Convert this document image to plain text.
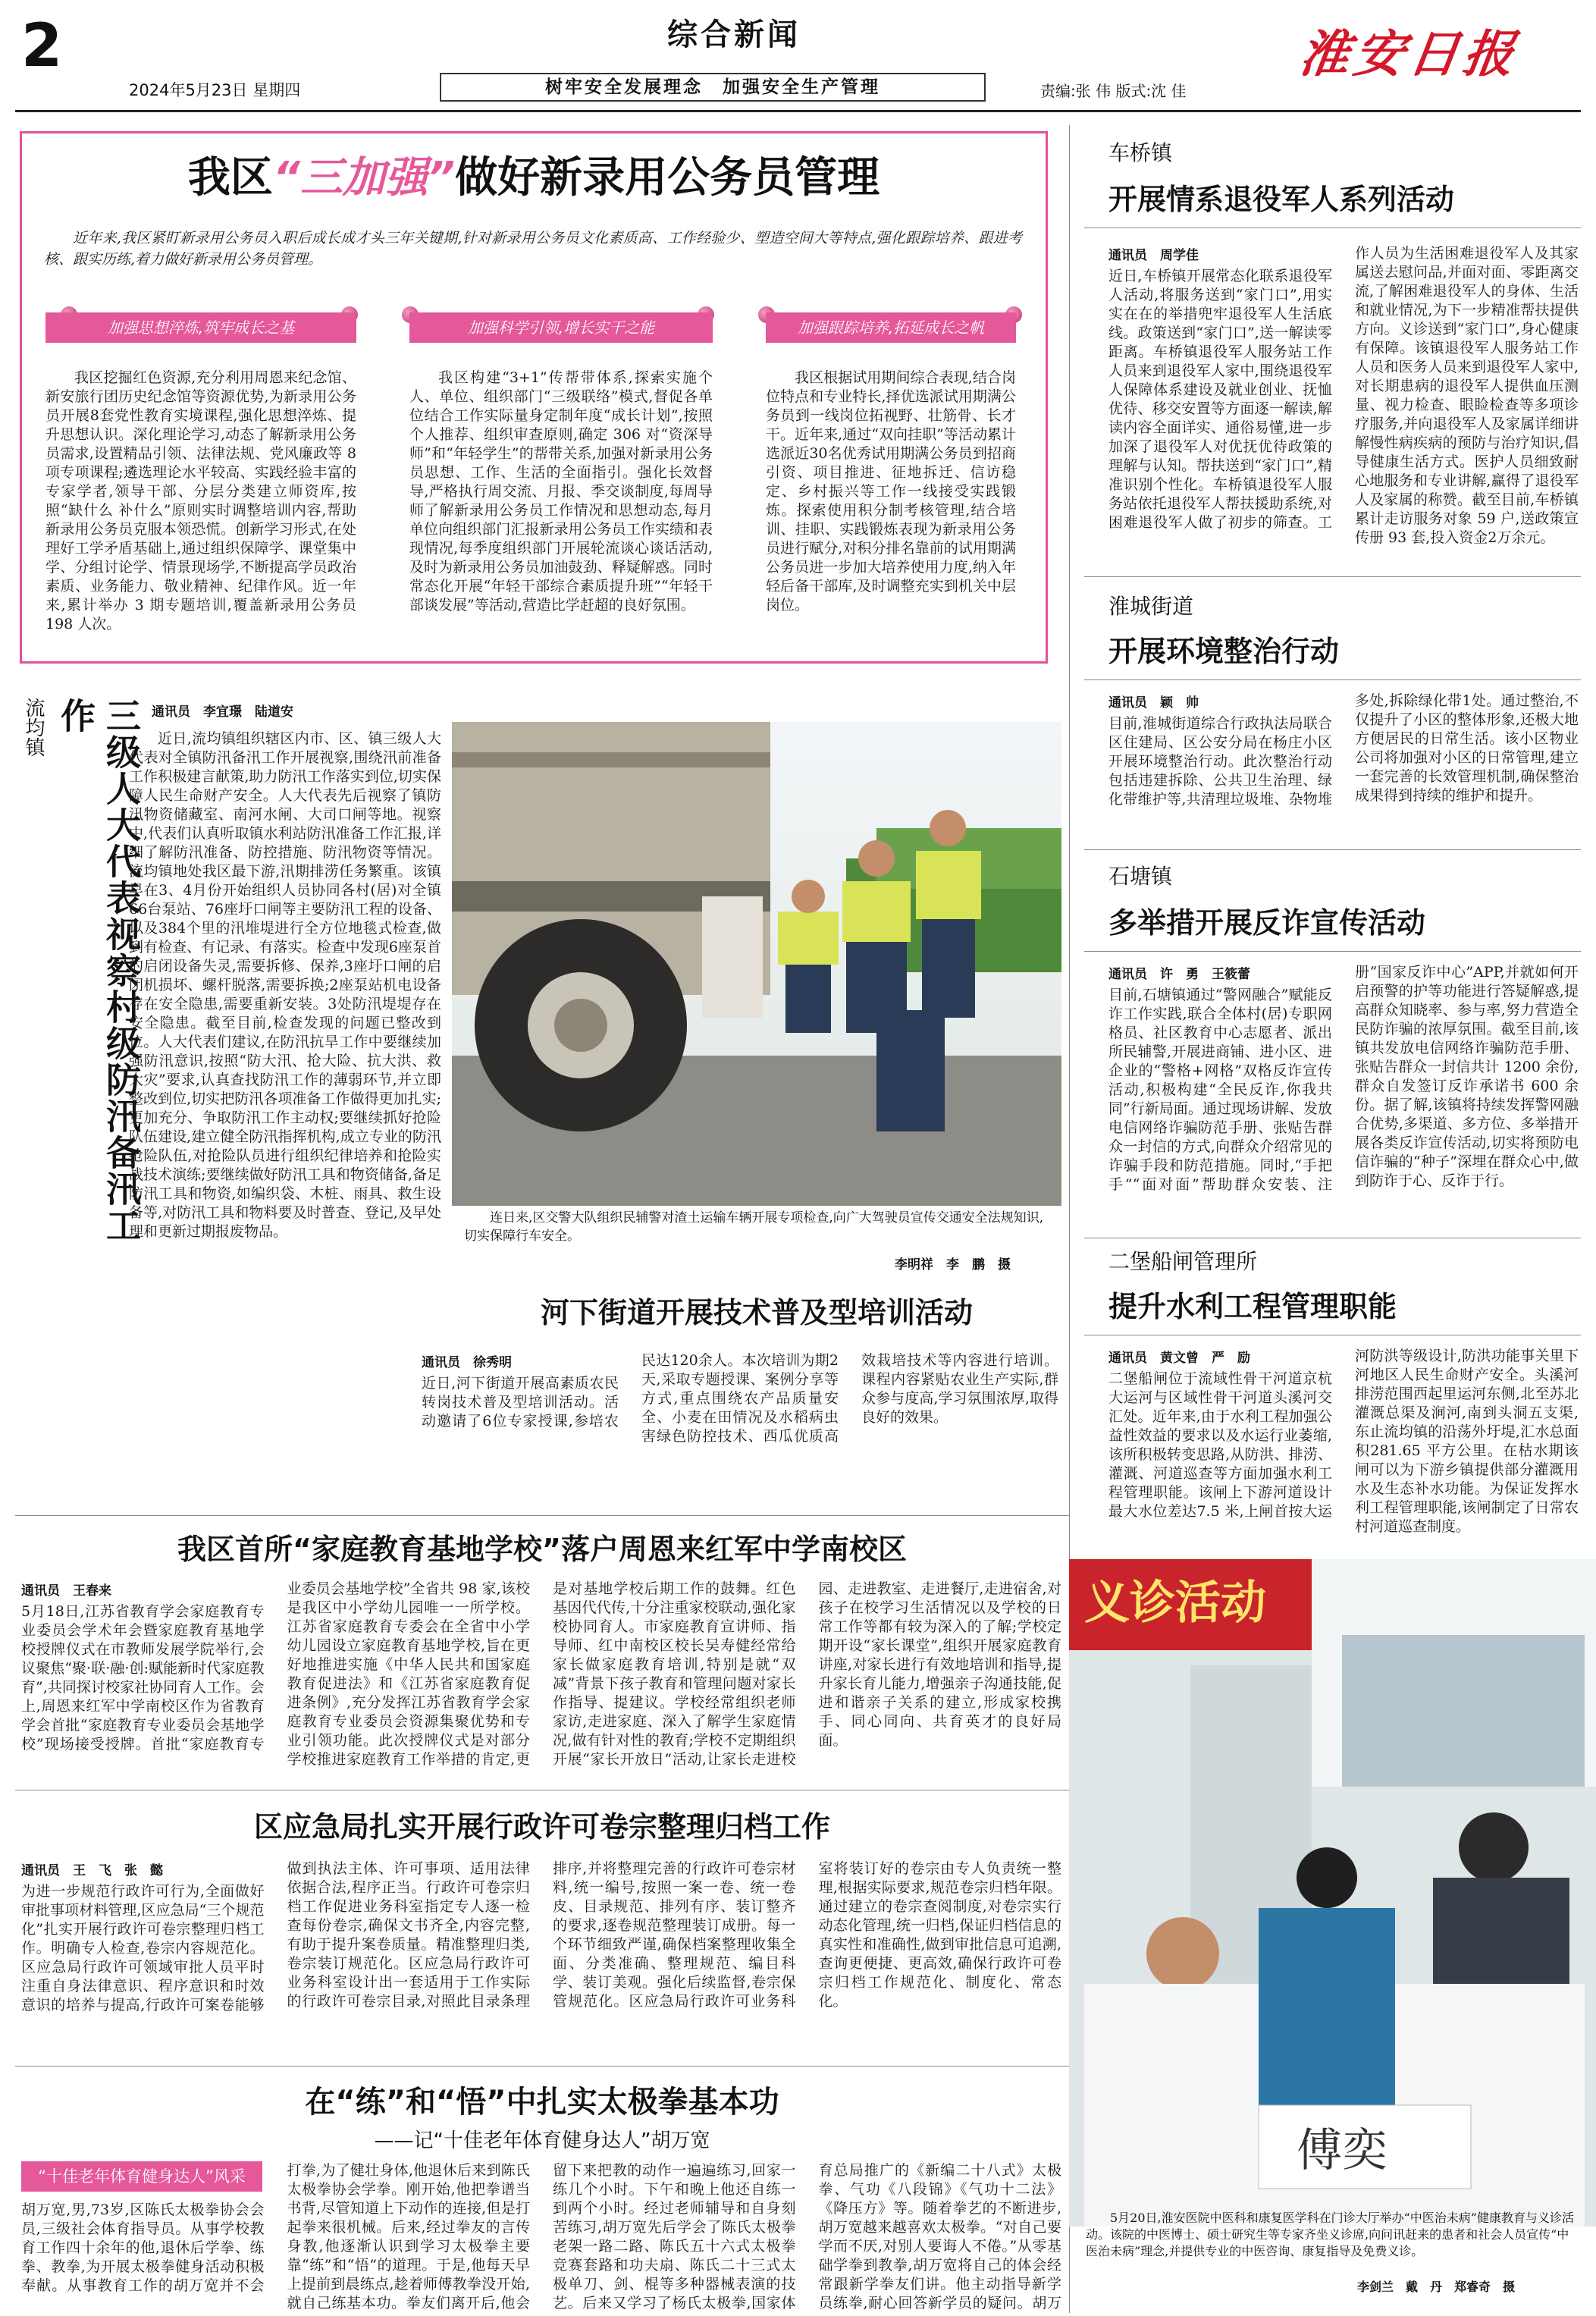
2	综合新闻
2024年5月23日 星期四	树牢安全发展理念　加强安全生产管理	责编:张 伟 版式:沈 佳
淮安日报
我区“三加强”做好新录用公务员管理
近年来,我区紧盯新录用公务员入职后成长成才头三年关键期,针对新录用公务员文化素质高、工作经验少、塑造空间大等特点,强化跟踪培养、跟进考核、跟实历练,着力做好新录用公务员管理。
加强思想淬炼,筑牢成长之基
我区挖掘红色资源,充分利用周恩来纪念馆、新安旅行团历史纪念馆等资源优势,为新录用公务员开展8套党性教育实境课程,强化思想淬炼、提升思想认识。深化理论学习,动态了解新录用公务员需求,设置精品引领、法律法规、党风廉政等 8 项专项课程;遴选理论水平较高、实践经验丰富的专家学者,领导干部、分层分类建立师资库,按照“缺什么 补什么”原则实时调整培训内容,帮助新录用公务员克服本领恐慌。创新学习形式,在处理好工学矛盾基础上,通过组织保障学、课堂集中学、分组讨论学、情景现场学,不断提高学员政治素质、业务能力、敬业精神、纪律作风。近一年来,累计举办 3 期专题培训,覆盖新录用公务员 198 人次。
加强科学引领,增长实干之能
我区构建“3+1”传帮带体系,探索实施个人、单位、组织部门“三级联络”模式,督促各单位结合工作实际量身定制年度“成长计划”,按照个人推荐、组织审查原则,确定 306 对“资深导师”和“年轻学生”的帮带关系,加强对新录用公务员思想、工作、生活的全面指引。强化长效督导,严格执行周交流、月报、季交谈制度,每周导师了解新录用公务员工作情况和思想动态,每月单位向组织部门汇报新录用公务员工作实绩和表现情况,每季度组织部门开展轮流谈心谈话活动,及时为新录用公务员加油鼓劲、释疑解惑。同时常态化开展“年轻干部综合素质提升班”“年轻干部谈发展”等活动,营造比学赶超的良好氛围。
加强跟踪培养,拓延成长之帆
我区根据试用期间综合表现,结合岗位特点和专业特长,择优选派试用期满公务员到一线岗位拓视野、壮筋骨、长才干。近年来,通过“双向挂职”等活动累计选派近30名优秀试用期满公务员到招商引资、项目推进、征地拆迁、信访稳定、乡村振兴等工作一线接受实践锻炼。探索使用积分制考核管理,结合培训、挂职、实践锻炼表现为新录用公务员进行赋分,对积分排名靠前的试用期满公务员进一步加大培养使用力度,纳入年轻后备干部库,及时调整充实到机关中层岗位。
流均镇	三级人大代表视察村级防汛备汛工作	通讯员　李宜璟　陆道安
近日,流均镇组织辖区内市、区、镇三级人大代表对全镇防汛备汛工作开展视察,围绕汛前准备工作积极建言献策,助力防汛工作落实到位,切实保障人民生命财产安全。人大代表先后视察了镇防汛物资储藏室、南河水闸、大司口闸等地。视察中,代表们认真听取镇水利站防汛准备工作汇报,详细了解防汛准备、防控措施、防汛物资等情况。流均镇地处我区最下游,汛期排涝任务繁重。该镇早在3、4月份开始组织人员协同各村(居)对全镇66台泵站、76座圩口闸等主要防汛工程的设备、以及384个里的汛堆堤进行全方位地毯式检查,做到有检查、有记录、有落实。检查中发现6座泵首的启闭设备失灵,需要拆修、保养,3座圩口闸的启闭机损坏、螺杆脱落,需要拆换;2座泵站机电设备存在安全隐患,需要重新安装。3处防汛堤堤存在安全隐患。截至目前,检查发现的问题已整改到位。人大代表们建议,在防汛抗旱工作中要继续加强防汛意识,按照“防大汛、抢大险、抗大洪、救大灾”要求,认真查找防汛工作的薄弱环节,并立即整改到位,切实把防汛各项准备工作做得更加扎实;更加充分、争取防汛工作主动权;要继续抓好抢险队伍建设,建立健全防汛指挥机构,成立专业的防汛抢险队伍,对抢险队员进行组织纪律培养和抢险实战技术演练;要继续做好防汛工具和物资储备,备足防汛工具和物资,如编织袋、木桩、雨具、救生设备等,对防汛工具和物料要及时普查、登记,及早处理和更新过期报废物品。
连日来,区交警大队组织民辅警对渣土运输车辆开展专项检查,向广大驾驶员宣传交通安全法规知识,切实保障行车安全。
李明祥　李　鹏　摄
河下街道开展技术普及型培训活动
通讯员　徐秀明
近日,河下街道开展高素质农民转岗技术普及型培训活动。活动邀请了6位专家授课,参培农民达120余人。本次培训为期2天,采取专题授课、案例分享等方式,重点围绕农产品质量安全、小麦在田情况及水稻病虫害绿色防控技术、西瓜优质高效栽培技术等内容进行培训。课程内容紧贴农业生产实际,群众参与度高,学习氛围浓厚,取得良好的效果。
我区首所“家庭教育基地学校”落户周恩来红军中学南校区
通讯员　王春来
5月18日,江苏省教育学会家庭教育专业委员会学术年会暨家庭教育基地学校授牌仪式在市教师发展学院举行,会议聚焦“聚·联·融·创:赋能新时代家庭教育”,共同探讨校家社协同育人工作。会上,周恩来红军中学南校区作为省教育学会首批“家庭教育专业委员会基地学校”现场接受授牌。首批“家庭教育专业委员会基地学校”全省共 98 家,该校是我区中小学幼儿园唯一一所学校。江苏省家庭教育专委会在全省中小学幼儿园设立家庭教育基地学校,旨在更好地推进实施《中华人民共和国家庭教育促进法》和《江苏省家庭教育促进条例》,充分发挥江苏省教育学会家庭教育专业委员会资源集聚优势和专业引领功能。此次授牌仪式是对部分学校推进家庭教育工作举措的肯定,更是对基地学校后期工作的鼓舞。红色基因代代传,十分注重家校联动,强化家校协同育人。市家庭教育宣讲师、指导师、红中南校区校长吴寿健经常给家长做家庭教育培训,特别是就“双减”背景下孩子教育和管理问题对家长作指导、提建议。学校经常组织老师家访,走进家庭、深入了解学生家庭情况,做有针对性的教育;学校不定期组织开展“家长开放日”活动,让家长走进校园、走进教室、走进餐厅,走进宿舍,对孩子在校学习生活情况以及学校的日常工作等都有较为深入的了解;学校定期开设“家长课堂”,组织开展家庭教育讲座,对家长进行有效地培训和指导,提升家长育儿能力,增强亲子沟通技能,促进和谐亲子关系的建立,形成家校携手、同心同向、共育英才的良好局面。
区应急局扎实开展行政许可卷宗整理归档工作
通讯员　王　飞　张　懿
为进一步规范行政许可行为,全面做好审批事项材料管理,区应急局“三个规范化”扎实开展行政许可卷宗整理归档工作。明确专人检查,卷宗内容规范化。区应急局行政许可领域审批人员平时注重自身法律意识、程序意识和时效意识的培养与提高,行政许可案卷能够做到执法主体、许可事项、适用法律依据合法,程序正当。行政许可卷宗归档工作促进业务科室指定专人逐一检查每份卷宗,确保文书齐全,内容完整,有助于提升案卷质量。精准整理归类,卷宗装订规范化。区应急局行政许可业务科室设计出一套适用于工作实际的行政许可卷宗目录,对照此目录条理排序,并将整理完善的行政许可卷宗材料,统一编号,按照一案一卷、统一卷皮、目录规范、排列有序、装订整齐的要求,逐卷规范整理装订成册。每一个环节细致严谨,确保档案整理收集全面、分类准确、整理规范、编目科学、装订美观。强化后续监督,卷宗保管规范化。区应急局行政许可业务科室将装订好的卷宗由专人负责统一整理,根据实际要求,规范卷宗归档年限。通过建立的卷宗查阅制度,对卷宗实行动态化管理,统一归档,保证归档信息的真实性和准确性,做到审批信息可追溯,查询更便捷、更高效,确保行政许可卷宗归档工作规范化、制度化、常态化。
在“练”和“悟”中扎实太极拳基本功
——记“十佳老年体育健身达人”胡万宽
“十佳老年体育健身达人”风采
胡万宽,男,73岁,区陈氏太极拳协会会员,三级社会体育指导员。从事学校教育工作四十余年的他,退休后学拳、练拳、教拳,为开展太极拳健身活动积极奉献。从事教育工作的胡万宽并不会打拳,为了健壮身体,他退休后来到陈氏太极拳协会学拳。刚开始,他把拳谱当书背,尽管知道上下动作的连接,但是打起拳来很机械。后来,经过拳友的言传身教,他逐渐认识到学习太极拳主要靠“练”和“悟”的道理。于是,他每天早上提前到晨练点,趁着师傅教拳没开始,就自己练基本功。拳友们离开后,他会留下来把教的动作一遍遍练习,回家一练几个小时。下午和晚上他还自练一到两个小时。经过老师辅导和自身刻苦练习,胡万宽先后学会了陈氏太极拳老架一路二路、陈氏五十六式太极拳竞赛套路和功夫扇、陈氏二十三式太极单刀、剑、棍等多种器械表演的技艺。后来又学习了杨氏太极拳,国家体育总局推广的《新编二十八式》太极拳、气功《八段锦》《气功十二法》《降压方》等。随着拳艺的不断进步,胡万宽越来越喜欢太极拳。“对自己要学而不厌,对别人要诲人不倦。”从零基础学拳到教拳,胡万宽将自己的体会经常跟新学拳友们讲。他主动指导新学员练拳,耐心回答新学员的疑问。胡万
车桥镇
开展情系退役军人系列活动
通讯员　周学佳
近日,车桥镇开展常态化联系退役军人活动,将服务送到“家门口”,用实实在在的举措兜牢退役军人生活底线。政策送到“家门口”,送一解读零距离。车桥镇退役军人服务站工作人员来到退役军人家中,围绕退役军人保障体系建设及就业创业、抚恤优待、移交安置等方面逐一解读,解读内容全面详实、通俗易懂,进一步加深了退役军人对优抚优待政策的理解与认知。帮扶送到“家门口”,精准识别个性化。车桥镇退役军人服务站依托退役军人帮扶援助系统,对困难退役军人做了初步的筛查。工作人员为生活困难退役军人及其家属送去慰问品,并面对面、零距离交流,了解困难退役军人的身体、生活和就业情况,为下一步精准帮扶提供方向。义诊送到“家门口”,身心健康有保障。该镇退役军人服务站工作人员和医务人员来到退役军人家中,对长期患病的退役军人提供血压测量、视力检查、眼睑检查等多项诊疗服务,并向退役军人及家属详细讲解慢性病疾病的预防与治疗知识,倡导健康生活方式。医护人员细致耐心地服务和专业讲解,赢得了退役军人及家属的称赞。截至目前,车桥镇累计走访服务对象 59 户,送政策宣传册 93 套,投入资金2万余元。
淮城街道
开展环境整治行动
通讯员　颖　帅
目前,淮城街道综合行政执法局联合区住建局、区公安分局在杨庄小区开展环境整治行动。此次整治行动包括违建拆除、公共卫生治理、绿化带维护等,共清理垃圾堆、杂物堆多处,拆除绿化带1处。通过整治,不仅提升了小区的整体形象,还极大地方便居民的日常生活。该小区物业公司将加强对小区的日常管理,建立一套完善的长效管理机制,确保整治成果得到持续的维护和提升。
石塘镇
多举措开展反诈宣传活动
通讯员　许　勇　王筱蕾
目前,石塘镇通过“警网融合”赋能反诈工作实践,联合全体村(居)专职网格员、社区教育中心志愿者、派出所民辅警,开展进商铺、进小区、进企业的“警格+网格”双格反诈宣传活动,积极构建“全民反诈,你我共同”行新局面。通过现场讲解、发放电信网络诈骗防范手册、张贴告群众一封信的方式,向群众介绍常见的诈骗手段和防范措施。同时,“手把手”“面对面”帮助群众安装、注册“国家反诈中心”APP,并就如何开启预警的护等功能进行答疑解惑,提高群众知晓率、参与率,努力营造全民防诈骗的浓厚氛围。截至目前,该镇共发放电信网络诈骗防范手册、张贴告群众一封信共计 1200 余份,群众自发签订反诈承诺书 600 余份。据了解,该镇将持续发挥警网融合优势,多渠道、多方位、多举措开展各类反诈宣传活动,切实将预防电信诈骗的“种子”深埋在群众心中,做到防诈于心、反诈于行。
二堡船闸管理所
提升水利工程管理职能
通讯员　黄文曾　严　励
二堡船闸位于流域性骨干河道京杭大运河与区域性骨干河道头溪河交汇处。近年来,由于水利工程加强公益性效益的要求以及水运行业萎缩,该所积极转变思路,从防洪、排涝、灌溉、河道巡查等方面加强水利工程管理职能。该闸上下游河道设计最大水位差达7.5 米,上闸首按大运河防洪等级设计,防洪功能事关里下河地区人民生命财产安全。头溪河排涝范围西起里运河东侧,北至苏北灌溉总渠及涧河,南到头洞五支渠,东止流均镇的沿荡外圩堤,汇水总面积281.65 平方公里。在枯水期该闸可以为下游乡镇提供部分灌溉用水及生态补水功能。为保证发挥水利工程管理职能,该闸制定了日常农村河道巡查制度。
义诊活动
傅奕
5月20日,淮安医院中医科和康复医学科在门诊大厅举办“中医治未病”健康教育与义诊活动。该院的中医博士、硕士研究生等专家齐坐义诊席,向问讯赶来的患者和社会人员宣传“中医治未病”理念,并提供专业的中医咨询、康复指导及免费义诊。
李剑兰　戴　丹　郑睿奇　摄
